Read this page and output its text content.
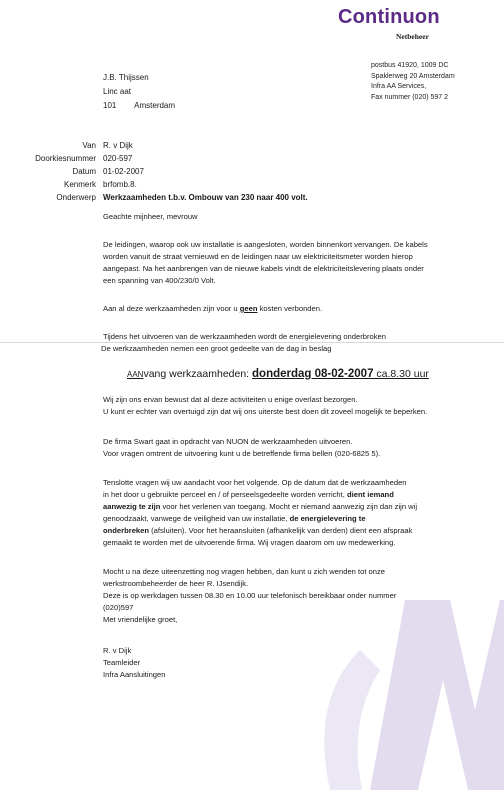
Continuon
Netbeheer
postbus 41920, 1009 DC
Spaklerweg 20 Amsterdam
Infra AA Services,
Fax nummer (020) 597 2
J.B. Thijssen
Linc aat
101 Amsterdam
Van R. v Dijk
Doorkiesnummer 020-597
Datum 01-02-2007
Kenmerk brfomb.8.
Onderwerp Werkzaamheden t.b.v. Ombouw van 230 naar 400 volt.
Geachte mijnheer, mevrouw
De leidingen, waarop ook uw installatie is aangesloten, worden binnenkort vervangen. De kabels
worden vanuit de straat vernieuwd en de leidingen naar uw elektriciteitsmeter worden hierop
aangepast. Na het aanbrengen van de nieuwe kabels vindt de elektriciteitslevering plaats onder
een spanning van 400/230/0 Volt.
Aan al deze werkzaamheden zijn voor u geen kosten verbonden.
Tijdens het uitvoeren van de werkzaamheden wordt de energielevering onderbroken
De werkzaamheden nemen een groot gedeelte van de dag in beslag
AANvang werkzaamheden: donderdag 08-02-2007 ca.8.30 uur
Wij zijn ons ervan bewust dat al deze activiteiten u enige overlast bezorgen.
U kunt er echter van overtuigd zijn dat wij ons uiterste best doen dit zoveel mogelijk te beperken.
De firma Swart gaat in opdracht van NUON de werkzaamheden uitvoeren.
Voor vragen omtrent de uitvoering kunt u de betreffende firma bellen (020-6825 5).
Tenslotte vragen wij uw aandacht voor het volgende. Op de datum dat de werkzaamheden
in het door u gebruikte perceel en / of perseelsgedeelte worden verricht, dient iemand
aanwezig te zijn voor het verlenen van toegang. Mocht er niemand aanwezig zijn dan zijn wij
genoodzaakt, vanwege de veiligheid van uw installatie, de energielevering te
onderbreken (afsluiten). Voor het heraansluiten (afhankelijk van derden) dient een afspraak
gemaakt te worden met de uitvoerende firma. Wij vragen daarom om uw medewerking.
Mocht u na deze uiteenzetting nog vragen hebben, dan kunt u zich wenden tot onze
werkstroombeheerder de heer R. IJsendijk.
Deze is op werkdagen tussen 08.30 en 10.00 uur telefonisch bereikbaar onder nummer
(020)597
Met vriendelijke groet,
R. v Dijk
Teamleider
Infra Aansluitingen
